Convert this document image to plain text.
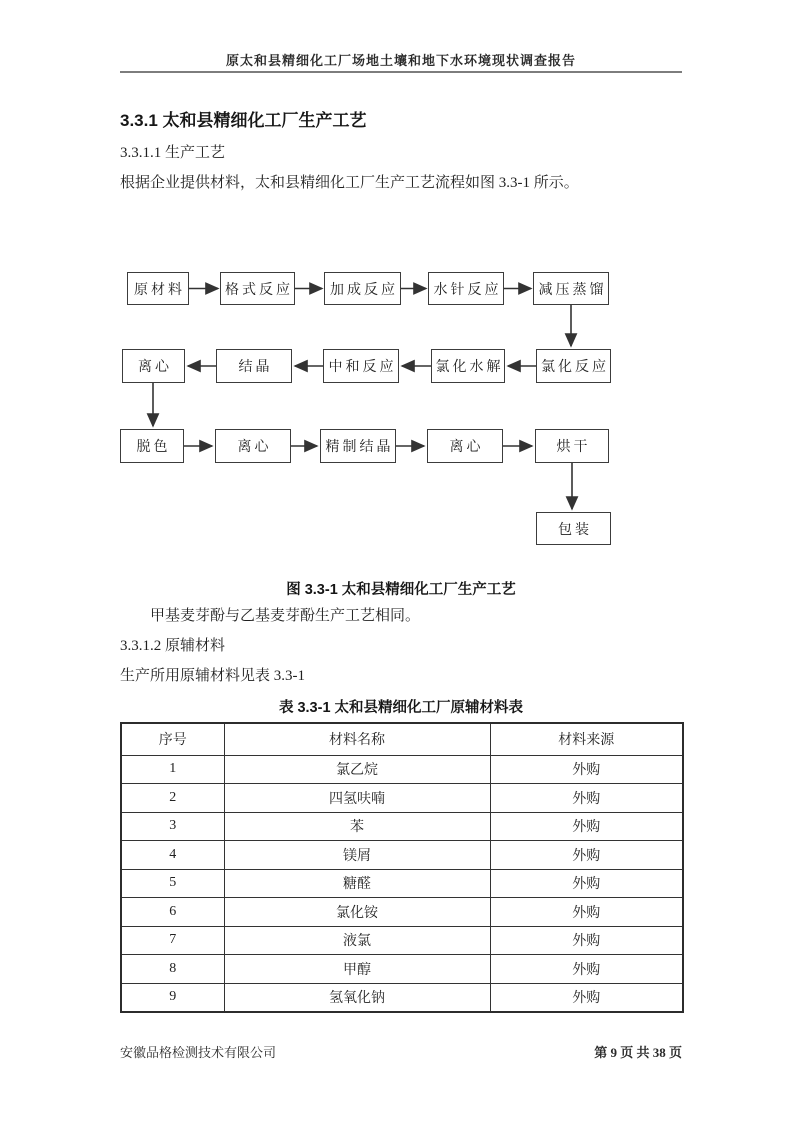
原太和县精细化工厂场地土壤和地下水环境现状调查报告
3.3.1 太和县精细化工厂生产工艺
3.3.1.1 生产工艺
根据企业提供材料，太和县精细化工厂生产工艺流程如图 3.3-1 所示。
原材料	格式反应	加成反应	水针反应	减压蒸馏
离心	结晶	中和反应	氯化水解	氯化反应
脱色	离心	精制结晶	离心	烘干
包装
图 3.3-1 太和县精细化工厂生产工艺
甲基麦芽酚与乙基麦芽酚生产工艺相同。
3.3.1.2 原辅材料
生产所用原辅材料见表 3.3-1
表 3.3-1 太和县精细化工厂原辅材料表
序号	材料名称	材料来源
1	氯乙烷	外购
2	四氢呋喃	外购
3	苯	外购
4	镁屑	外购
5	糖醛	外购
6	氯化铵	外购
7	液氯	外购
8	甲醇	外购
9	氢氧化钠	外购
安徽品格检测技术有限公司	第 9 页 共 38 页
